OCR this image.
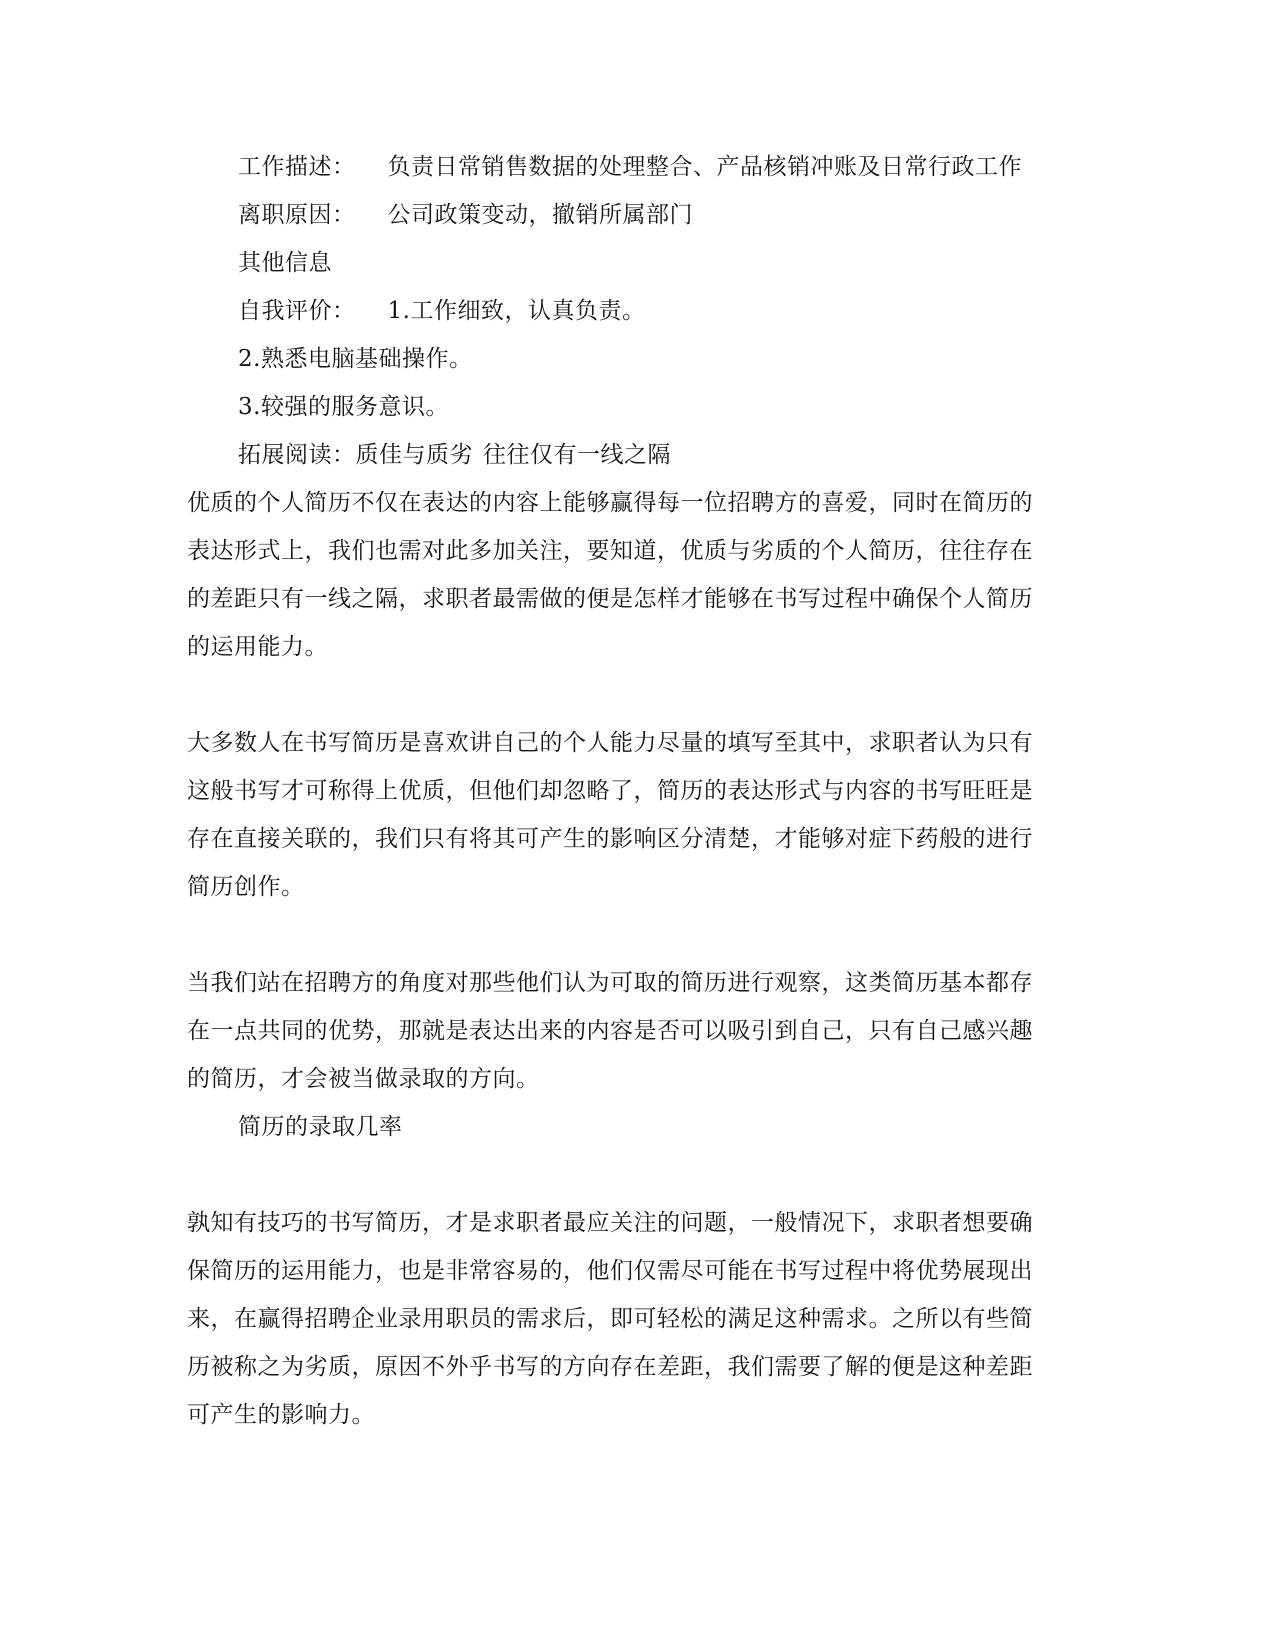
工作描述： 负责日常销售数据的处理整合、产品核销冲账及日常行政工作
离职原因： 公司政策变动，撤销所属部门
其他信息
自我评价： 1.工作细致，认真负责。
2.熟悉电脑基础操作。
3.较强的服务意识。
拓展阅读：质佳与质劣 往往仅有一线之隔
优质的个人简历不仅在表达的内容上能够赢得每一位招聘方的喜爱，同时在简历的
表达形式上，我们也需对此多加关注，要知道，优质与劣质的个人简历，往往存在
的差距只有一线之隔，求职者最需做的便是怎样才能够在书写过程中确保个人简历
的运用能力。
大多数人在书写简历是喜欢讲自己的个人能力尽量的填写至其中，求职者认为只有
这般书写才可称得上优质，但他们却忽略了，简历的表达形式与内容的书写旺旺是
存在直接关联的，我们只有将其可产生的影响区分清楚，才能够对症下药般的进行
简历创作。
当我们站在招聘方的角度对那些他们认为可取的简历进行观察，这类简历基本都存
在一点共同的优势，那就是表达出来的内容是否可以吸引到自己，只有自己感兴趣
的简历，才会被当做录取的方向。
简历的录取几率
孰知有技巧的书写简历，才是求职者最应关注的问题，一般情况下，求职者想要确
保简历的运用能力，也是非常容易的，他们仅需尽可能在书写过程中将优势展现出
来，在赢得招聘企业录用职员的需求后，即可轻松的满足这种需求。之所以有些简
历被称之为劣质，原因不外乎书写的方向存在差距，我们需要了解的便是这种差距
可产生的影响力。
